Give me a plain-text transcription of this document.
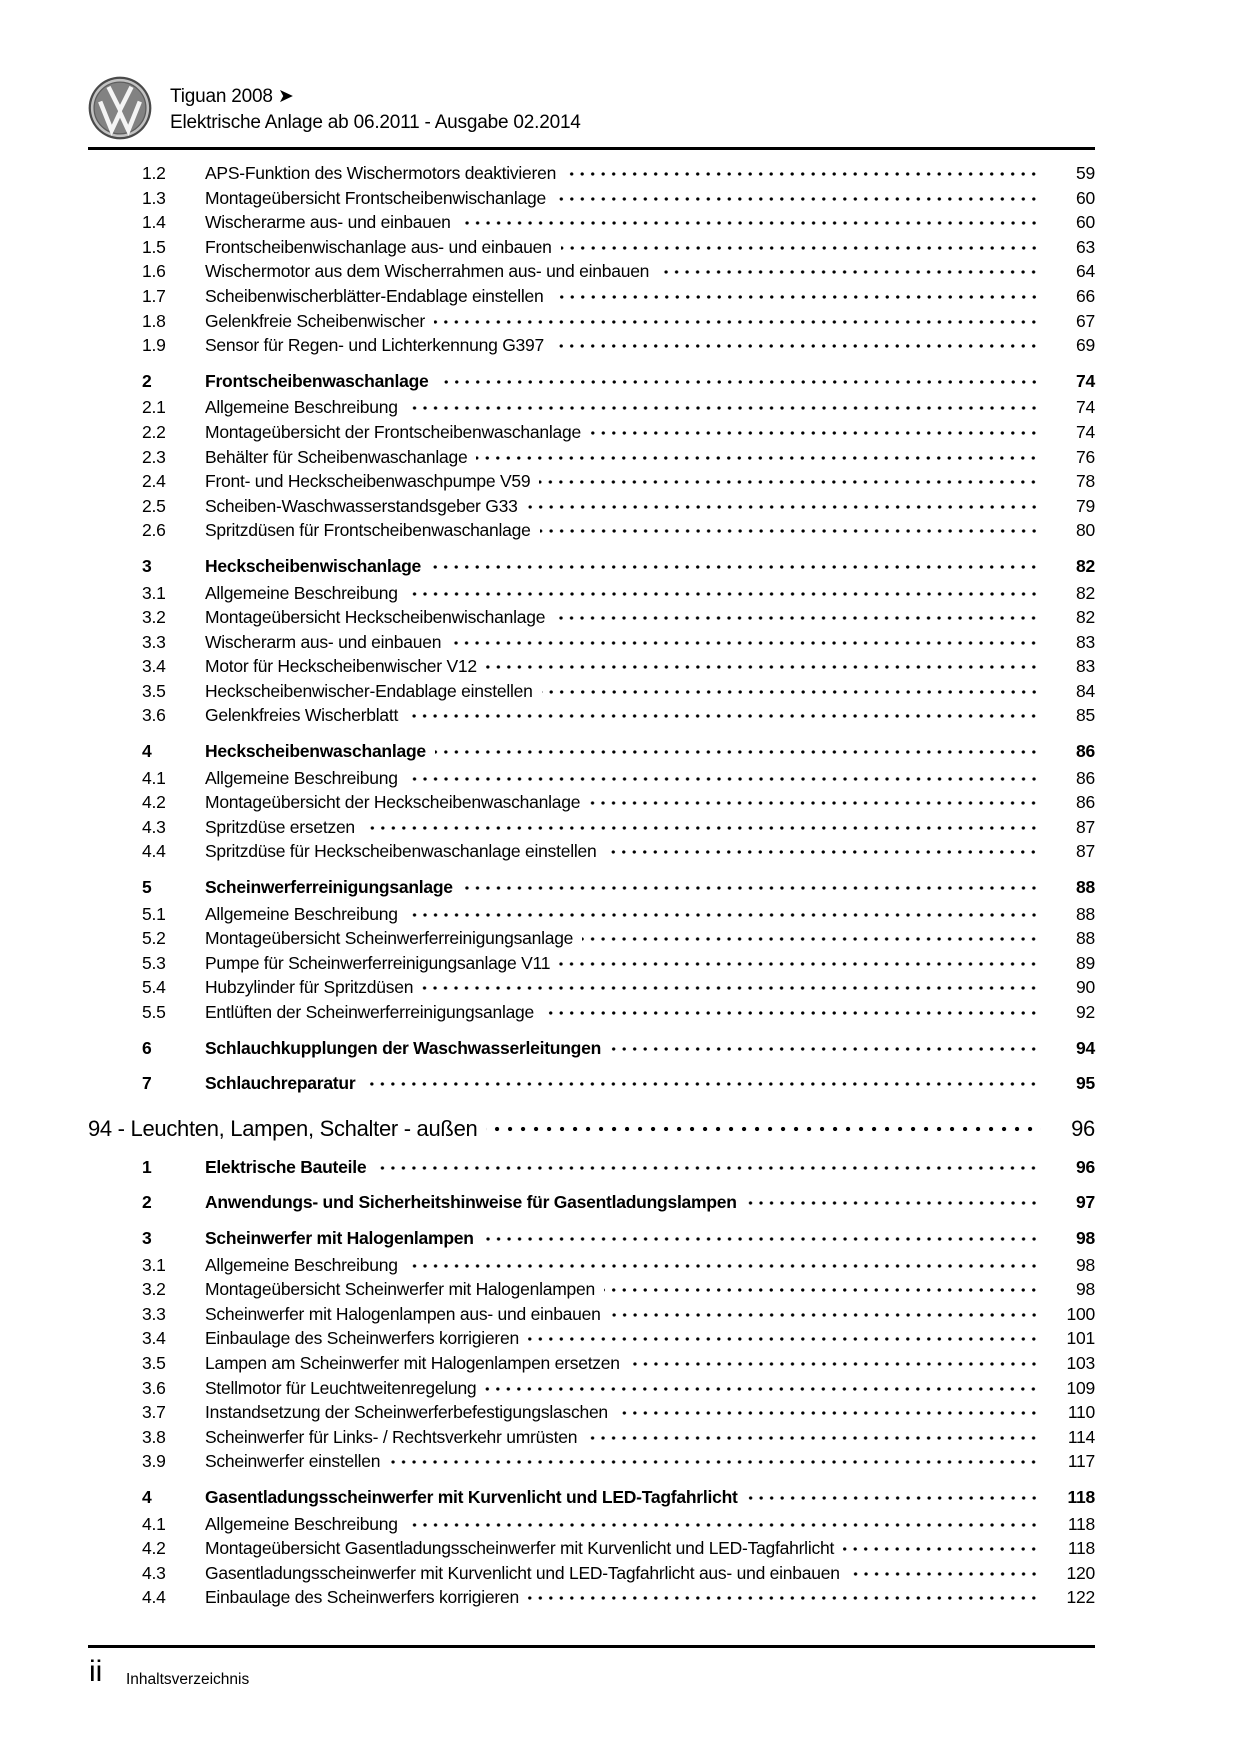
Tiguan 2008 ➤
Elektrische Anlage ab 06.2011 - Ausgabe 02.2014
1.2	APS-Funktion des Wischermotors deaktivieren	59
1.3	Montageübersicht Frontscheibenwischanlage	60
1.4	Wischerarme aus- und einbauen	60
1.5	Frontscheibenwischanlage aus- und einbauen	63
1.6	Wischermotor aus dem Wischerrahmen aus- und einbauen	64
1.7	Scheibenwischerblätter-Endablage einstellen	66
1.8	Gelenkfreie Scheibenwischer	67
1.9	Sensor für Regen- und Lichterkennung G397	69
2	Frontscheibenwaschanlage	74
2.1	Allgemeine Beschreibung	74
2.2	Montageübersicht der Frontscheibenwaschanlage	74
2.3	Behälter für Scheibenwaschanlage	76
2.4	Front- und Heckscheibenwaschpumpe V59	78
2.5	Scheiben-Waschwasserstandsgeber G33	79
2.6	Spritzdüsen für Frontscheibenwaschanlage	80
3	Heckscheibenwischanlage	82
3.1	Allgemeine Beschreibung	82
3.2	Montageübersicht Heckscheibenwischanlage	82
3.3	Wischerarm aus- und einbauen	83
3.4	Motor für Heckscheibenwischer V12	83
3.5	Heckscheibenwischer-Endablage einstellen	84
3.6	Gelenkfreies Wischerblatt	85
4	Heckscheibenwaschanlage	86
4.1	Allgemeine Beschreibung	86
4.2	Montageübersicht der Heckscheibenwaschanlage	86
4.3	Spritzdüse ersetzen	87
4.4	Spritzdüse für Heckscheibenwaschanlage einstellen	87
5	Scheinwerferreinigungsanlage	88
5.1	Allgemeine Beschreibung	88
5.2	Montageübersicht Scheinwerferreinigungsanlage	88
5.3	Pumpe für Scheinwerferreinigungsanlage V11	89
5.4	Hubzylinder für Spritzdüsen	90
5.5	Entlüften der Scheinwerferreinigungsanlage	92
6	Schlauchkupplungen der Waschwasserleitungen	94
7	Schlauchreparatur	95
94 - Leuchten, Lampen, Schalter - außen	96
1	Elektrische Bauteile	96
2	Anwendungs- und Sicherheitshinweise für Gasentladungslampen	97
3	Scheinwerfer mit Halogenlampen	98
3.1	Allgemeine Beschreibung	98
3.2	Montageübersicht Scheinwerfer mit Halogenlampen	98
3.3	Scheinwerfer mit Halogenlampen aus- und einbauen	100
3.4	Einbaulage des Scheinwerfers korrigieren	101
3.5	Lampen am Scheinwerfer mit Halogenlampen ersetzen	103
3.6	Stellmotor für Leuchtweitenregelung	109
3.7	Instandsetzung der Scheinwerferbefestigungslaschen	110
3.8	Scheinwerfer für Links- / Rechtsverkehr umrüsten	114
3.9	Scheinwerfer einstellen	117
4	Gasentladungsscheinwerfer mit Kurvenlicht und LED-Tagfahrlicht	118
4.1	Allgemeine Beschreibung	118
4.2	Montageübersicht Gasentladungsscheinwerfer mit Kurvenlicht und LED-Tagfahrlicht	118
4.3	Gasentladungsscheinwerfer mit Kurvenlicht und LED-Tagfahrlicht aus- und einbauen	120
4.4	Einbaulage des Scheinwerfers korrigieren	122
ii Inhaltsverzeichnis
